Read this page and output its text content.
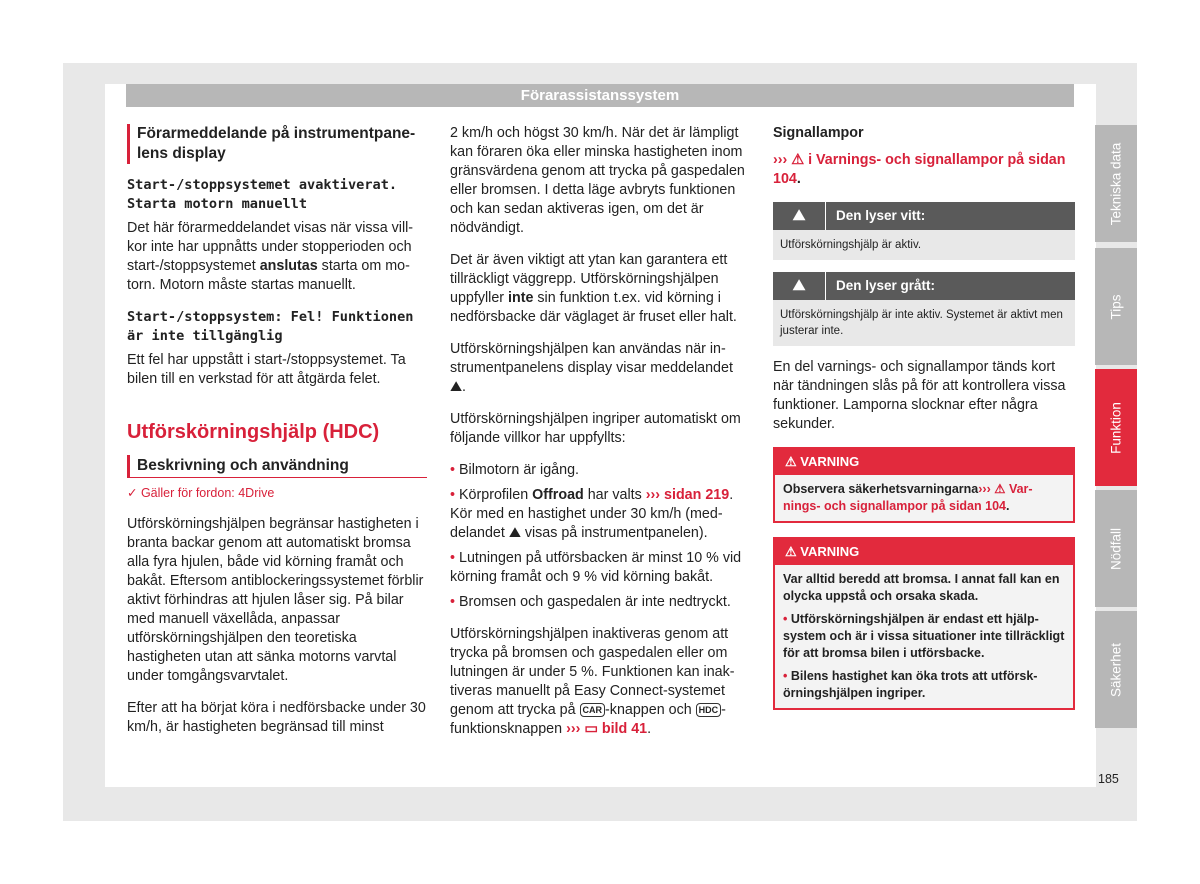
Förarassistanssystem
Förarmeddelande på instrumentpanelens display
Start-/stoppsystemet avaktiverat. Starta motorn manuellt

Det här förarmeddelandet visas när vissa villkor inte har uppnåtts under stopperioden och start-/stoppsystemet anslutas starta om motorn. Motorn måste startas manuellt.

Start-/stoppsystem: Fel! Funktionen är inte tillgänglig

Ett fel har uppstått i start-/stoppsystemet. Ta bilen till en verkstad för att åtgärda felet.

Utförskörningshjälp (HDC)
Beskrivning och användning
✓ Gäller för fordon: 4Drive

Utförskörningshjälpen begränsar hastigheten i branta backar genom att automatiskt bromsa alla fyra hjulen, både vid körning framåt och bakåt. Eftersom antiblockeringssystemet förblir aktivt förhindras att hjulen låser sig. På bilar med manuell växellåda, anpassar utförskörningshjälpen den teoretiska hastigheten utan att sänka motorns varvtal under tomgångsvarvtalet.

Efter att ha börjat köra i nedförsbacke under 30 km/h, är hastigheten begränsad till minst

2 km/h och högst 30 km/h. När det är lämpligt kan föraren öka eller minska hastigheten inom gränsvärdena genom att trycka på gaspedalen eller bromsen. I detta läge avbryts funktionen och kan sedan aktiveras igen, om det är nödvändigt.

Det är även viktigt att ytan kan garantera ett tillräckligt väggrepp. Utförskörningshjälpen uppfyller inte sin funktion t.ex. vid körning i nedförsbacke där väglaget är fruset eller halt.

Utförskörningshjälpen kan användas när instrumentpanelens display visar meddelandet ⛰.

Utförskörningshjälpen ingriper automatiskt om följande villkor har uppfyllts:

• Bilmotorn är igång.

• Körprofilen Offroad har valts ››› sidan 219. Kör med en hastighet under 30 km/h (meddelandet ⛰ visas på instrumentpanelen).

• Lutningen på utförsbacken är minst 10 % vid körning framåt och 9 % vid körning bakåt.

• Bromsen och gaspedalen är inte nedtryckt.

Utförskörningshjälpen inaktiveras genom att trycka på bromsen och gaspedalen eller om lutningen är under 5 %. Funktionen kan inaktiveras manuellt på Easy Connect-systemet genom att trycka på CAR -knappen och HDC -funktionsknappen ››› ▭ bild 41.

Signallampor

››› ⚠ i Varnings- och signallampor på sidan 104.

⛰	Den lyser vitt:
Utförskörningshjälp är aktiv.
⛰	Den lyser grått:
Utförskörningshjälp är inte aktiv. Systemet är aktivt men justerar inte.

En del varnings- och signallampor tänds kort när tändningen slås på för att kontrollera vissa funktioner. Lamporna slocknar efter några sekunder.

⚠ VARNING
Observera säkerhetsvarningarna››› ⚠ Varnings- och signallampor på sidan 104.
⚠ VARNING

Var alltid beredd att bromsa. I annat fall kan en olycka uppstå och orsaka skada.

• Utförskörningshjälpen är endast ett hjälpsystem och är i vissa situationer inte tillräckligt för att bromsa bilen i utförsbacke.

• Bilens hastighet kan öka trots att utförskörningshjälpen ingriper.

Tekniska data
Tips
Funktion
Nödfall
Säkerhet
185
